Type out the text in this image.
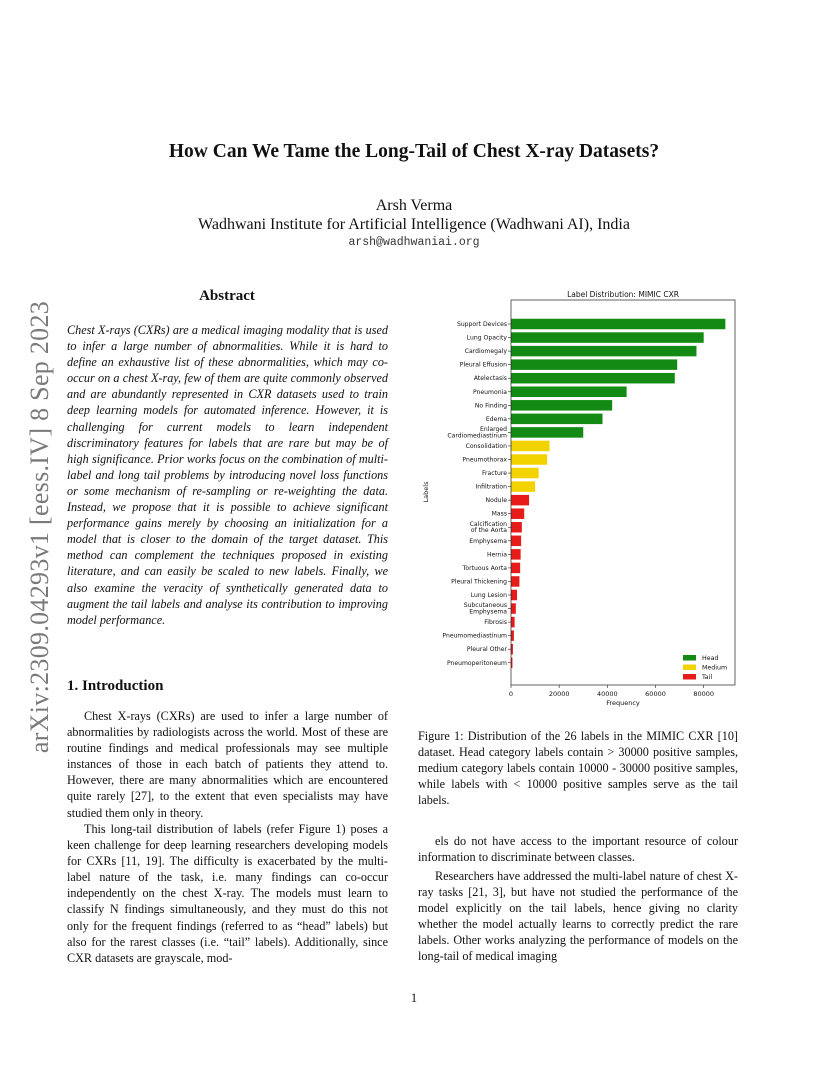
arXiv:2309.04293v1 [eess.IV] 8 Sep 2023
How Can We Tame the Long-Tail of Chest X-ray Datasets?
Arsh Verma
Wadhwani Institute for Artificial Intelligence (Wadhwani AI), India
arsh@wadhwaniai.org
Abstract

Chest X-rays (CXRs) are a medical imaging modality that is used to infer a large number of abnormalities. While it is hard to define an exhaustive list of these abnormalities, which may co-occur on a chest X-ray, few of them are quite commonly observed and are abundantly represented in CXR datasets used to train deep learning models for automated inference. However, it is challenging for current models to learn independent discriminatory features for labels that are rare but may be of high significance. Prior works focus on the combination of multi-label and long tail problems by introducing novel loss functions or some mechanism of re-sampling or re-weighting the data. Instead, we propose that it is possible to achieve significant performance gains merely by choosing an initialization for a model that is closer to the domain of the target dataset. This method can complement the techniques proposed in existing literature, and can easily be scaled to new labels. Finally, we also examine the veracity of synthetically generated data to augment the tail labels and analyse its contribution to improving model performance.

1. Introduction

Chest X-rays (CXRs) are used to infer a large number of abnormalities by radiologists across the world. Most of these are routine findings and medical professionals may see multiple instances of those in each batch of patients they attend to. However, there are many abnormalities which are encountered quite rarely [27], to the extent that even specialists may have studied them only in theory.

This long-tail distribution of labels (refer Figure 1) poses a keen challenge for deep learning researchers developing models for CXRs [11, 19]. The difficulty is exacerbated by the multi-label nature of the task, i.e. many findings can co-occur independently on the chest X-ray. The models must learn to classify N findings simultaneously, and they must do this not only for the frequent findings (referred to as “head” labels) but also for the rarest classes (i.e. “tail” labels). Additionally, since CXR datasets are grayscale, mod-

Label Distribution: MIMIC CXR
Support Devices
Lung Opacity
Cardiomegaly
Pleural Effusion
Atelectasis
Pneumonia
No Finding
Edema
Enlarged Cardiomediastinum
Consolidation
Pneumothorax
Fracture
Infiltration
Nodule
Mass
Calcification of the Aorta
Emphysema
Hernia
Tortuous Aorta
Pleural Thickening
Lung Lesion
Subcutaneous Emphysema
Fibrosis
Pneumomediastinum
Pleural Other
Pneumoperitoneum
0	20000	40000	60000	80000
Frequency
Labels
Head
Medium
Tail

Figure 1: Distribution of the 26 labels in the MIMIC CXR [10] dataset. Head category labels contain > 30000 positive samples, medium category labels contain 10000 - 30000 positive samples, while labels with < 10000 positive samples serve as the tail labels.

els do not have access to the important resource of colour information to discriminate between classes.

Researchers have addressed the multi-label nature of chest X-ray tasks [21, 3], but have not studied the performance of the model explicitly on the tail labels, hence giving no clarity whether the model actually learns to correctly predict the rare labels. Other works analyzing the performance of models on the long-tail of medical imaging

1
